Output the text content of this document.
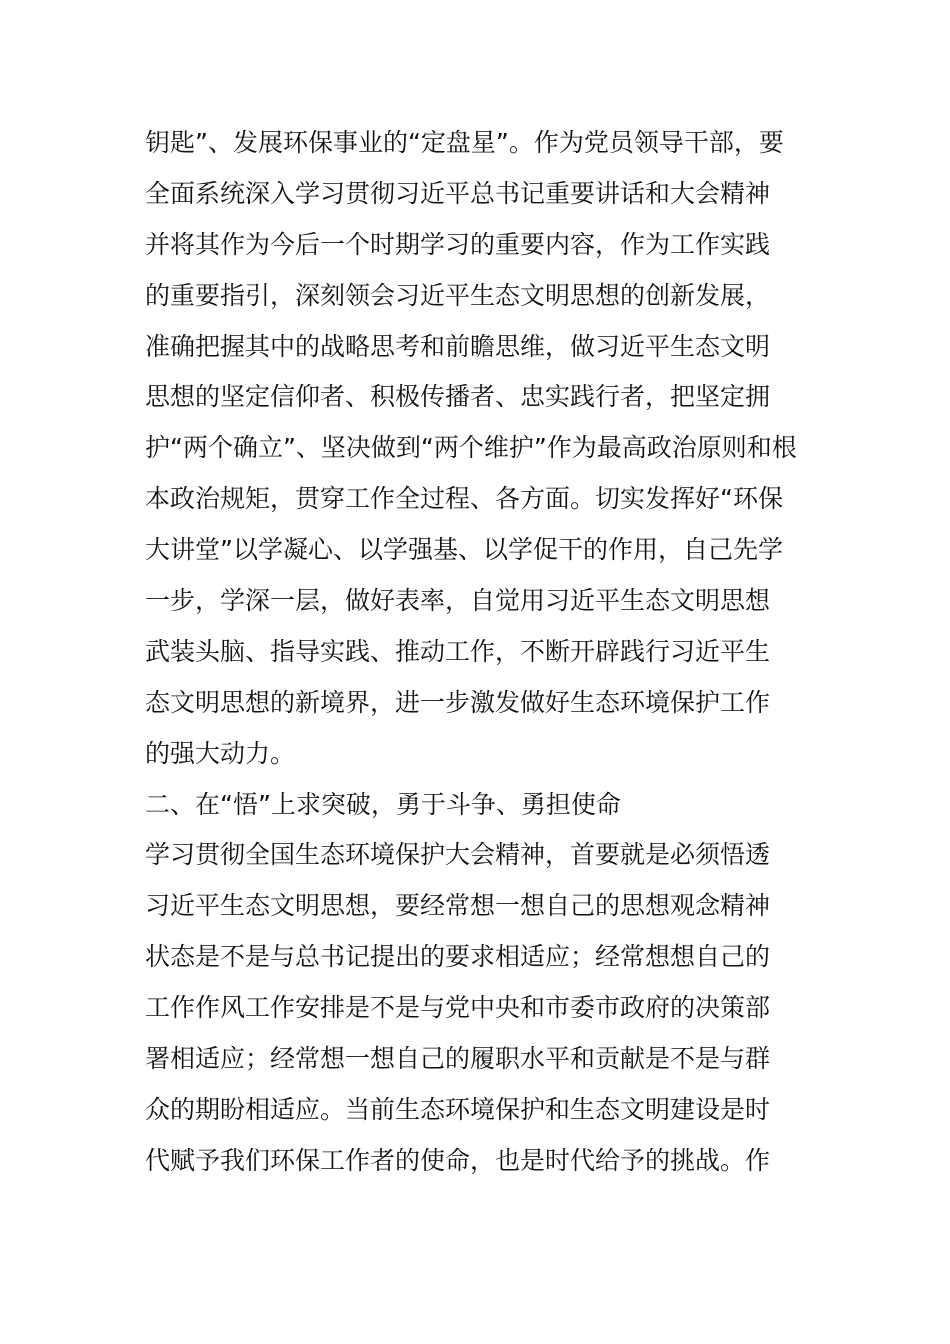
钥匙”、发展环保事业的“定盘星”。作为党员领导干部，要
全面系统深入学习贯彻习近平总书记重要讲话和大会精神
并将其作为今后一个时期学习的重要内容，作为工作实践
的重要指引，深刻领会习近平生态文明思想的创新发展，
准确把握其中的战略思考和前瞻思维，做习近平生态文明
思想的坚定信仰者、积极传播者、忠实践行者，把坚定拥
护“两个确立”、坚决做到“两个维护”作为最高政治原则和根
本政治规矩，贯穿工作全过程、各方面。切实发挥好“环保
大讲堂”以学凝心、以学强基、以学促干的作用，自己先学
一步，学深一层，做好表率，自觉用习近平生态文明思想
武装头脑、指导实践、推动工作，不断开辟践行习近平生
态文明思想的新境界，进一步激发做好生态环境保护工作
的强大动力。
二、在“悟”上求突破，勇于斗争、勇担使命
学习贯彻全国生态环境保护大会精神，首要就是必须悟透
习近平生态文明思想，要经常想一想自己的思想观念精神
状态是不是与总书记提出的要求相适应；经常想想自己的
工作作风工作安排是不是与党中央和市委市政府的决策部
署相适应；经常想一想自己的履职水平和贡献是不是与群
众的期盼相适应。当前生态环境保护和生态文明建设是时
代赋予我们环保工作者的使命，也是时代给予的挑战。作
